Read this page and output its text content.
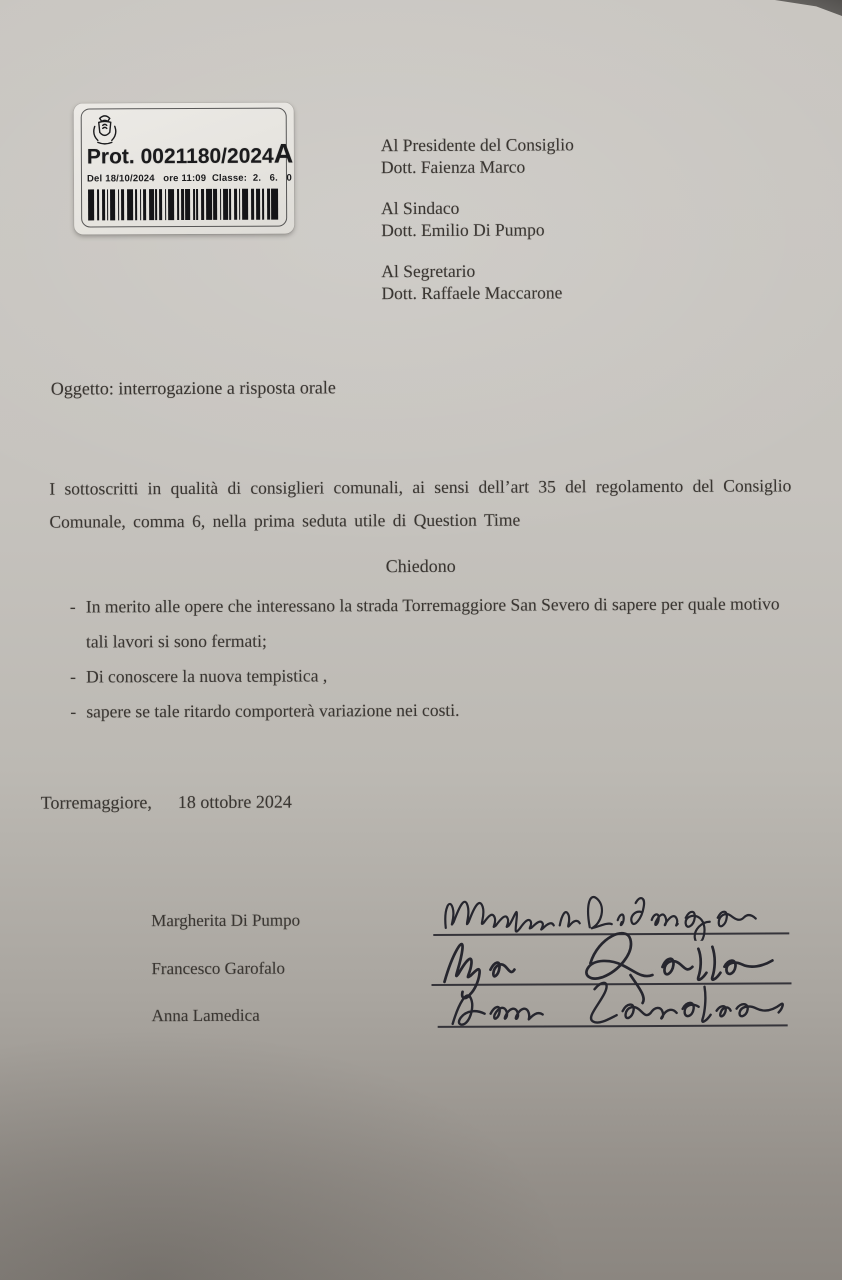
Prot. 0021180/2024 A
Del 18/10/2024   ore 11:09  Classe:  2.   6.   0
Al Presidente del Consiglio
Dott. Faienza Marco
Al Sindaco
Dott. Emilio Di Pumpo
Al Segretario
Dott. Raffaele Maccarone
Oggetto: interrogazione a risposta orale
I sottoscritti in qualità di consiglieri comunali, ai sensi dell’art 35 del regolamento del Consiglio Comunale, comma 6, nella prima seduta utile di Question Time
Chiedono
- In merito alle opere che interessano la strada Torremaggiore San Severo di sapere per quale motivo tali lavori si sono fermati;
- Di conoscere la nuova tempistica ,
- sapere se tale ritardo comporterà variazione nei costi.
Torremaggiore, 18 ottobre 2024
Margherita Di Pumpo
Francesco Garofalo
Anna Lamedica
